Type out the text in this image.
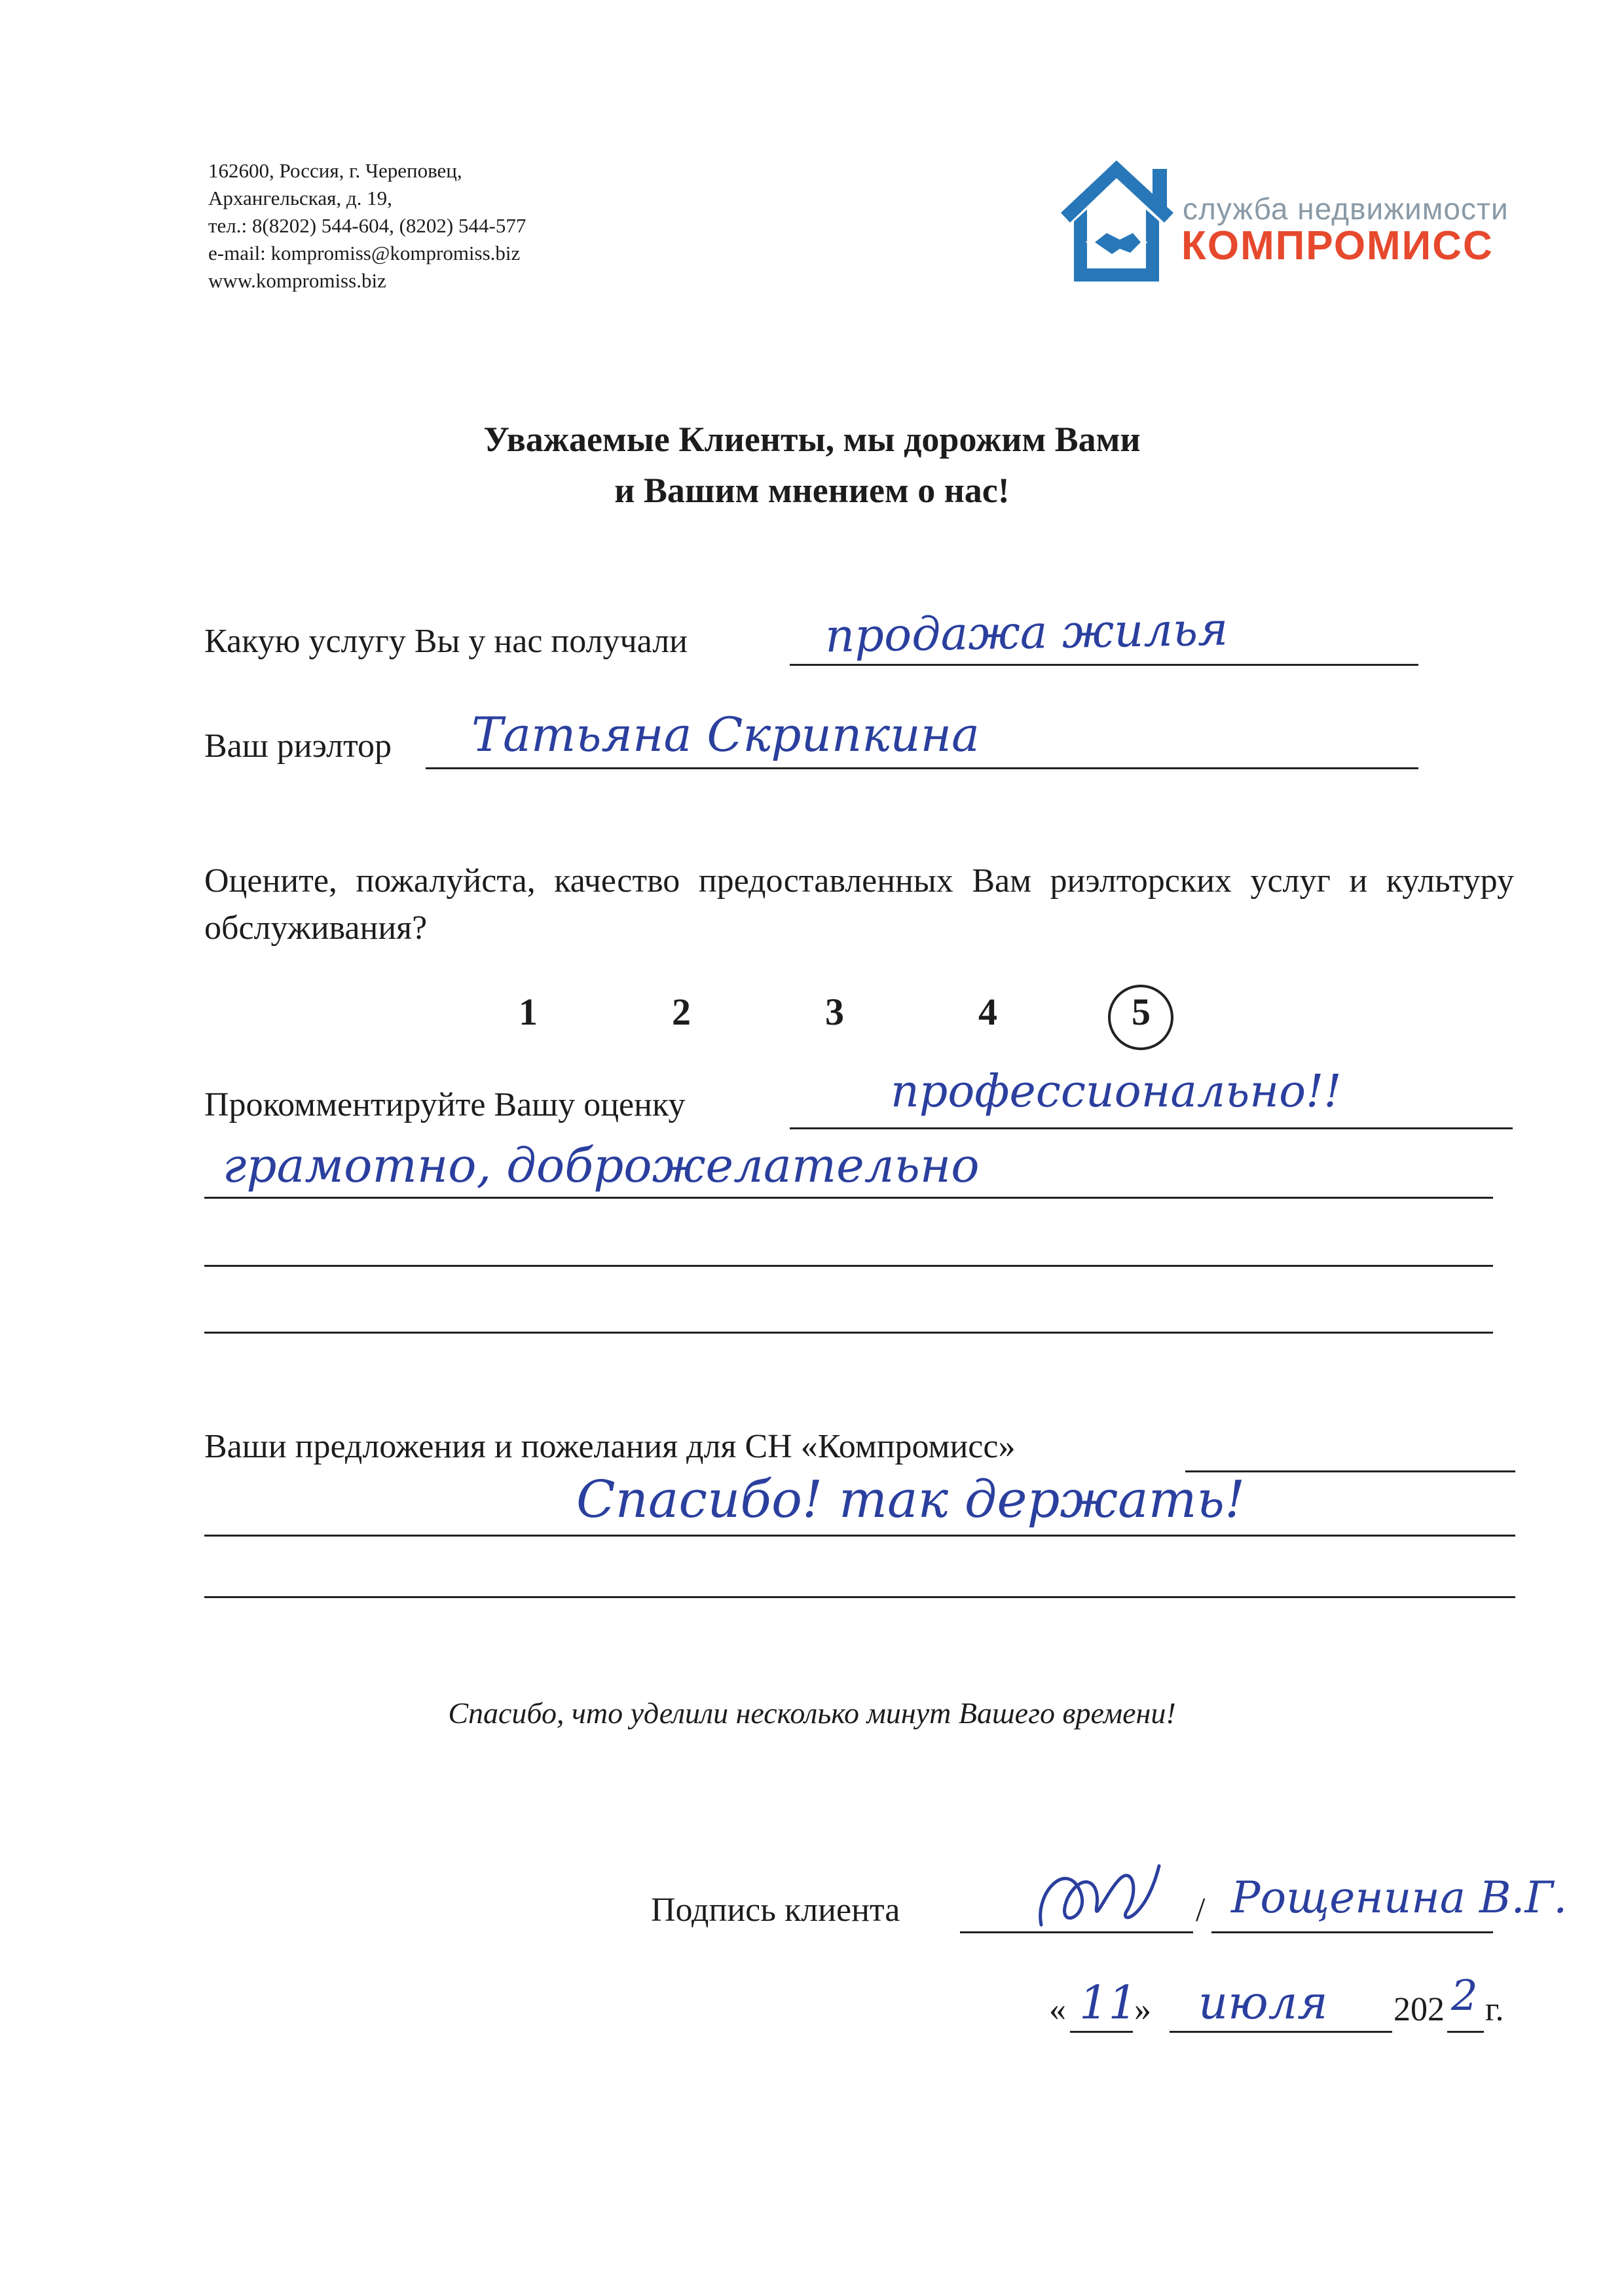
162600, Россия, г. Череповец,
Архангельская, д. 19,
тел.: 8(8202) 544-604, (8202) 544-577
e-mail: kompromiss@kompromiss.biz
www.kompromiss.biz
служба недвижимости
КОМПРОМИСС
Уважаемые Клиенты, мы дорожим Вами
и Вашим мнением о нас!
Какую услугу Вы у нас получали	продажа жилья
Ваш риэлтор Татьяна Скрипкина
Оцените, пожалуйста, качество предоставленных Вам риэлторских услуг и культуру обслуживания?
1	2	3	4	5
Прокомментируйте Вашу оценку	профессионально!!
грамотно, доброжелательно
Ваши предложения и пожелания для СН «Компромисс»
Спасибо! так держать!
Спасибо, что уделили несколько минут Вашего времени!
Подпись клиента	/ Рощенина В.Г.
« 11
» июля 202 2 г.
